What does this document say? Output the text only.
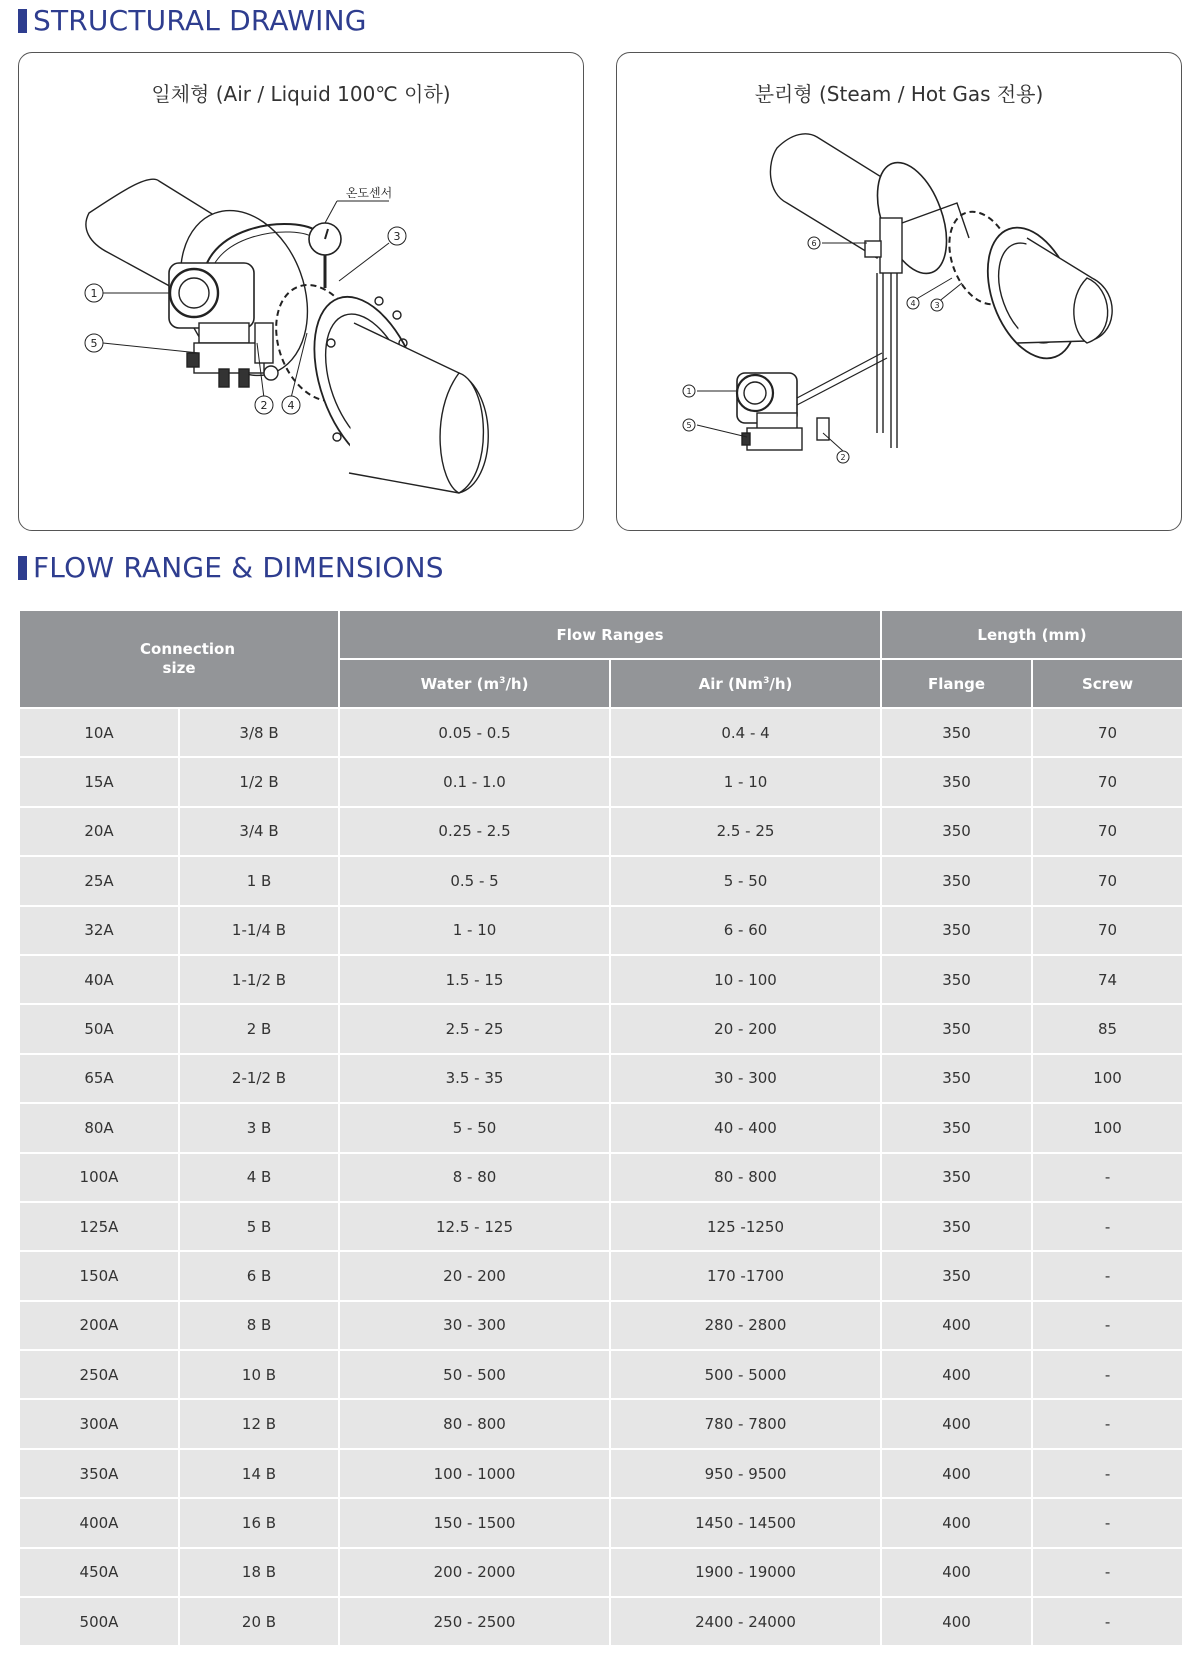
STRUCTURAL DRAWING
일체형 (Air / Liquid 100℃ 이하)
1
2
3
4
5
온도센서
분리형 (Steam / Hot Gas 전용)
1
2
3
4
5
6
FLOW RANGE & DIMENSIONS
Connection size		Flow Ranges		Length (mm)	
		Water $(m^3/h)$	Air (Nm$^3$/h)	Flange	Screw
10A	3/8 B	0.05 - 0.5	0.4 - 4	350	70
15A	1/2 B	0.1 - 1.0	1 - 10	350	70
20A	3/4 B	0.25 - 2.5	2.5 - 25	350	70
25A	1 B	0.5 - 5	5 - 50	350	70
32A	1-1/4 B	1 - 10	6 - 60	350	70
40A	1-1/2 B	1.5 - 15	10 - 100	350	74
50A	2 B	2.5 - 25	20 - 200	350	85
65A	2-1/2 B	3.5 - 35	30 - 300	350	100
80A	3 B	5 - 50	40 - 400	350	100
100A	4 B	8 - 80	80 - 800	350	-
125A	5 B	12.5 - 125	125 -1250	350	-
150A	6 B	20 - 200	170 -1700	350	-
200A	8 B	30 - 300	280 - 2800	400	-
250A	10 B	50 - 500	500 - 5000	400	-
300A	12 B	80 - 800	780 - 7800	400	-
350A	14 B	100 - 1000	950 - 9500	400	-
400A	16 B	150 - 1500	1450 - 14500	400	-
450A	18 B	200 - 2000	1900 - 19000	400	-
500A	20 B	250 - 2500	2400 - 24000	400	-
